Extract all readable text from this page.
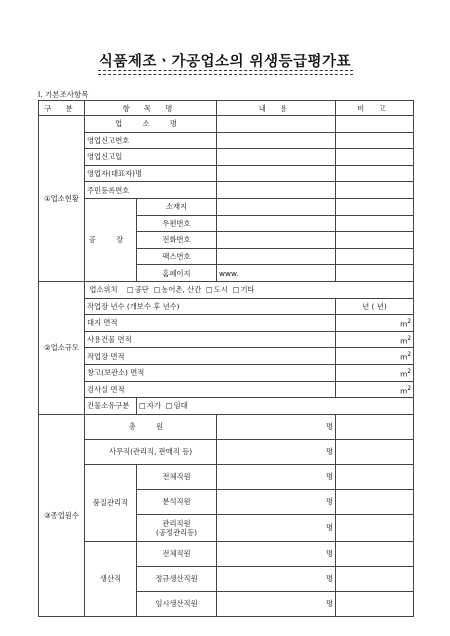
식품제조ㆍ가공업소의 위생등급평가표
Ⅰ. 기본조사항목
구 분	항 목 명		내 용	비 고
①업소현황	업 소 명			
	영업신고번호			
	영업신고일			
	영업자(대표자)명			
	주민등록번호			
	공 장	소재지		
		우편번호		
		전화번호		
		팩스번호		
		홈페이지	www.	
②업소규모	업소위치 □ 공단 □ 농어촌, 산간 □ 도시 □ 기타
	작업장 년수 (개보수 후 년수)			년 ( 년)
	대지 면적			$m^2$
	사용건물 면적			$m^2$
	작업장 면적			$m^2$
	창고(보관소) 면적			$m^2$
	검사실 면적			$m^2$
	건물소유구분	□ 자가 □ 임대
③종업원수	총 원		명	
	사무직(관리직, 판매직 등)		명	
	품질관리직	전체직원	명	
		분석직원	명	
		관리직원
(공정관리등)	명	
	생산직	전체직원	명	
		정규생산직원	명	
		임시생산직원	명	
